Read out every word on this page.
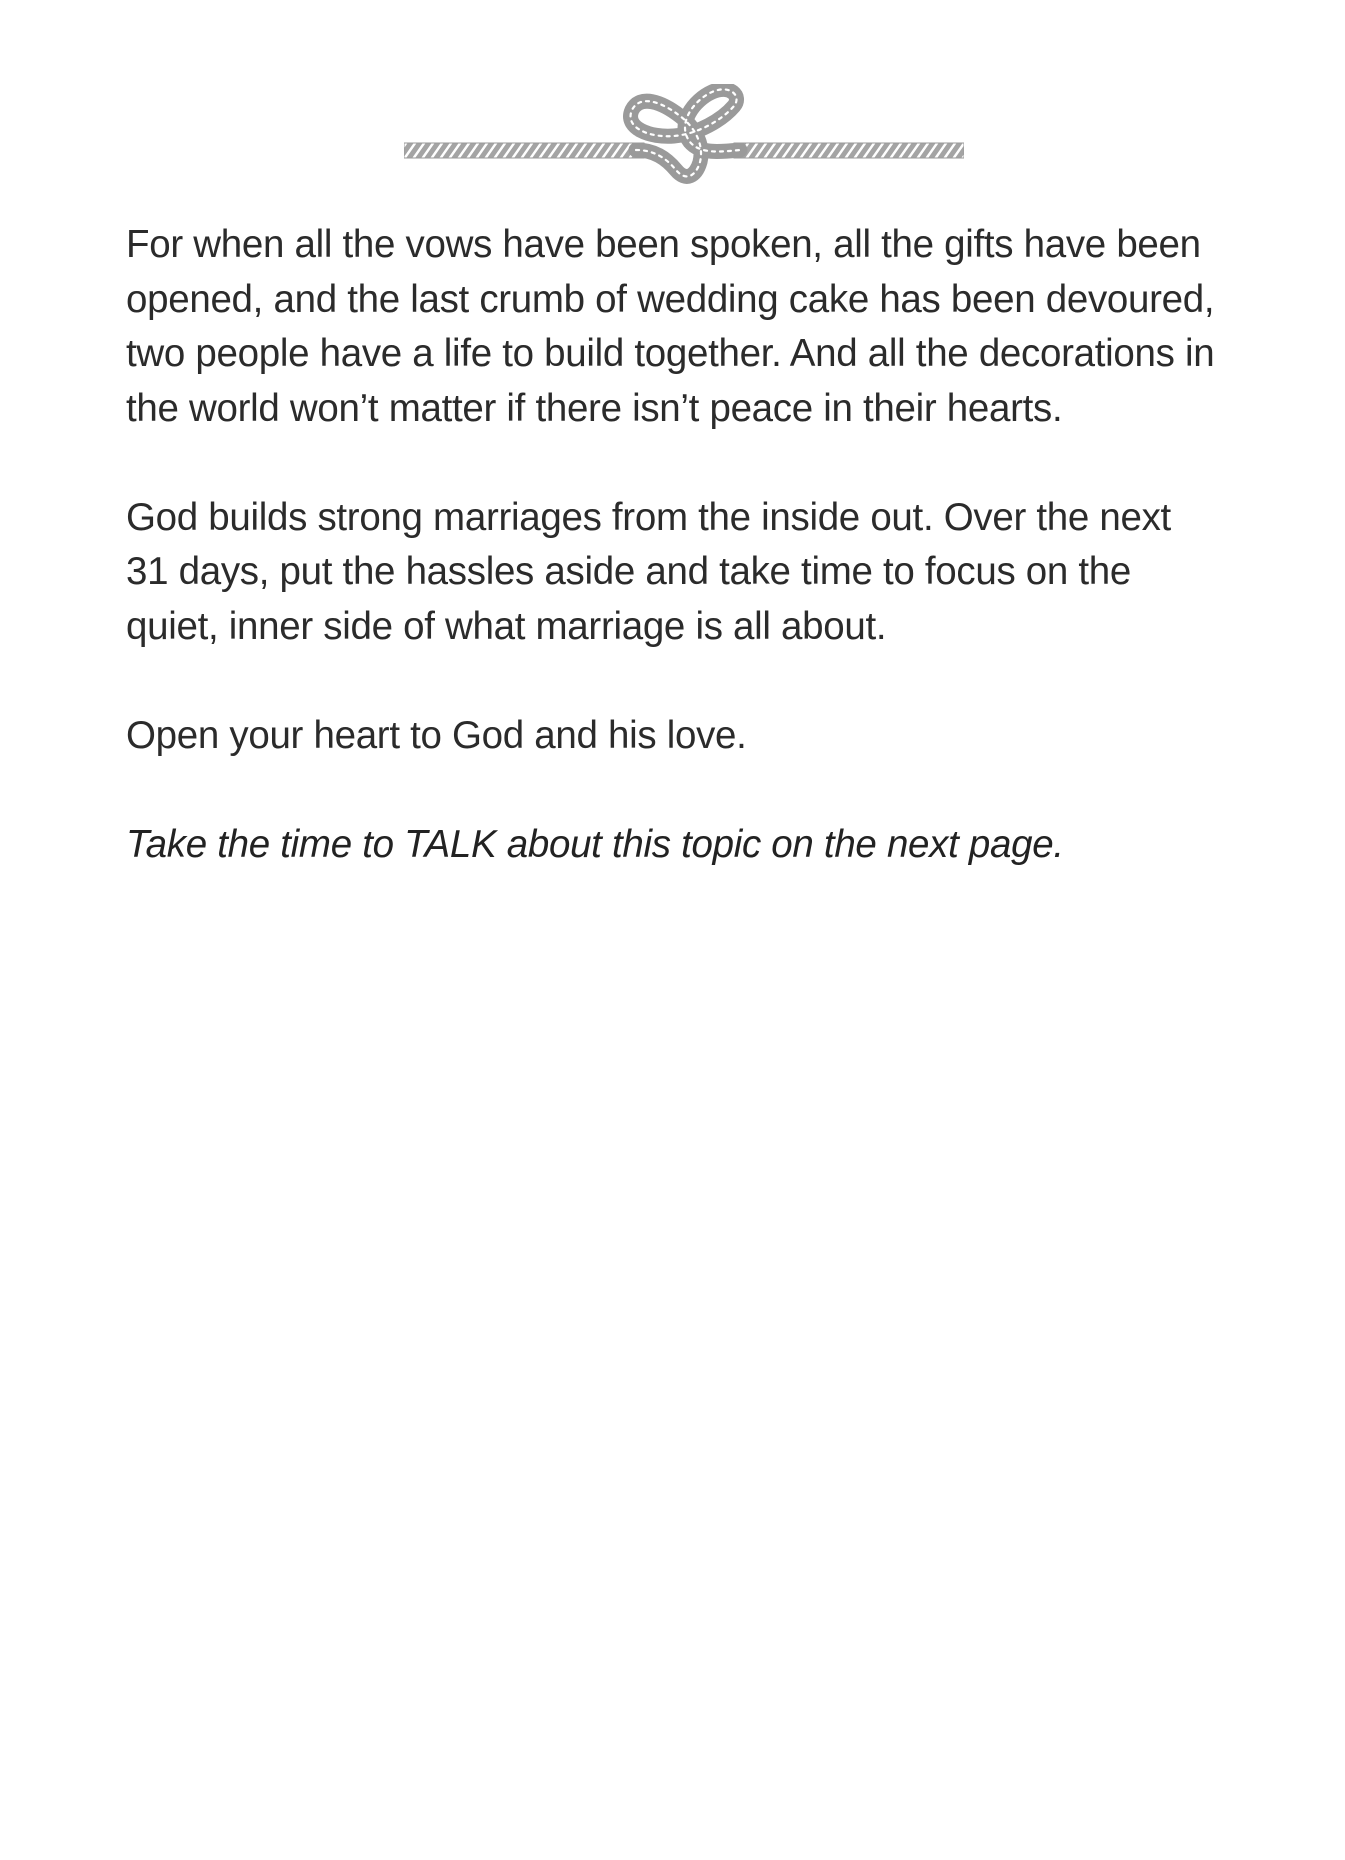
For when all the vows have been spoken, all the gifts have been
opened, and the last crumb of wedding cake has been devoured,
two people have a life to build together. And all the decorations in
the world won’t matter if there isn’t peace in their hearts.

God builds strong marriages from the inside out. Over the next
31 days, put the hassles aside and take time to focus on the
quiet, inner side of what marriage is all about.

Open your heart to God and his love.

Take the time to TALK about this topic on the next page.
